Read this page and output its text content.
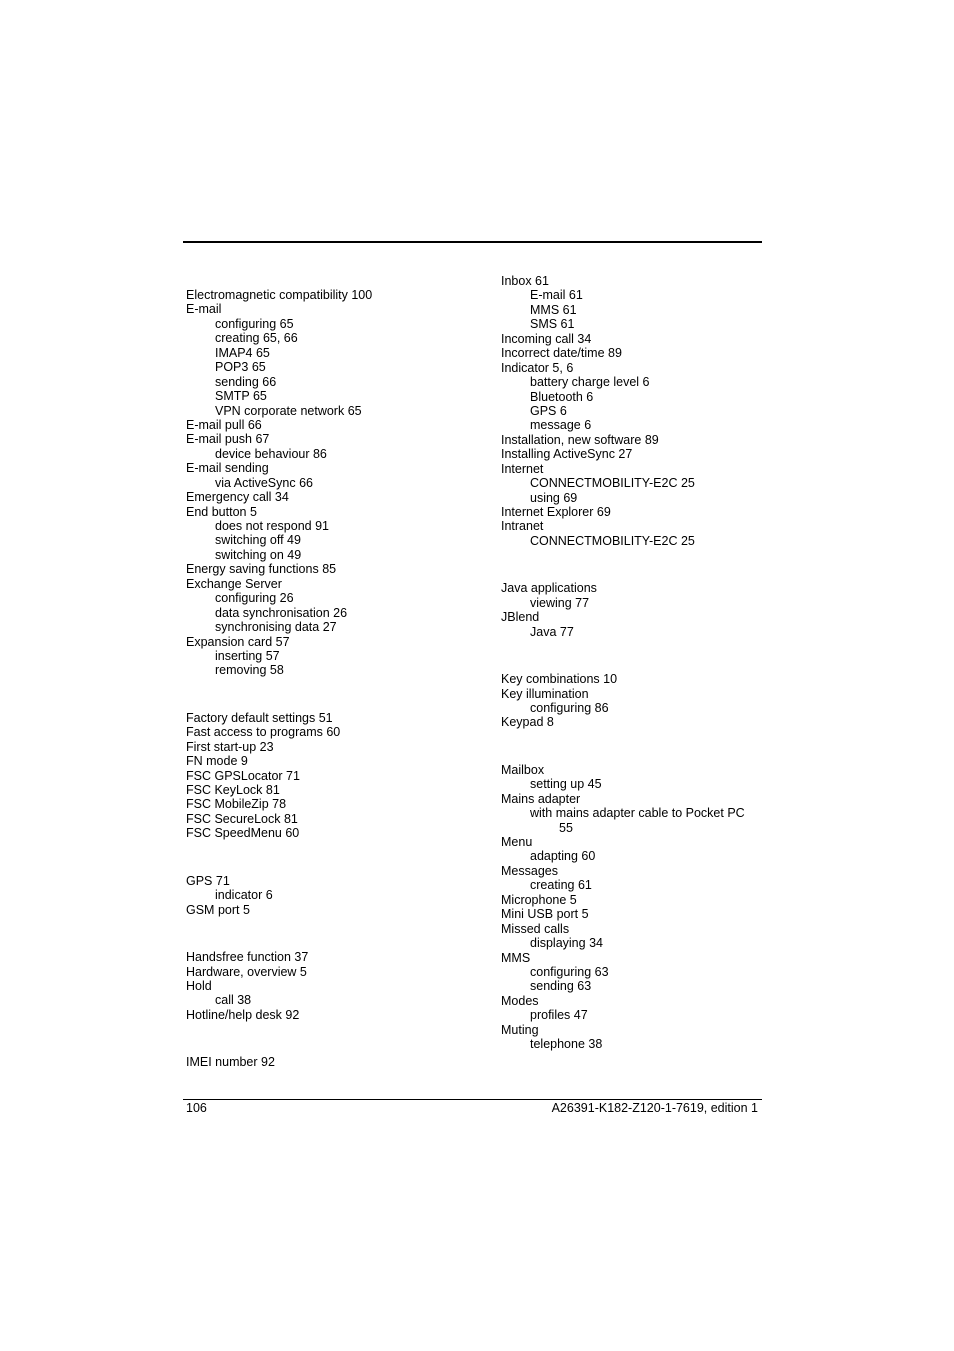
Electromagnetic compatibility 100
E-mail
configuring 65
creating 65, 66
IMAP4 65
POP3 65
sending 66
SMTP 65
VPN corporate network 65
E-mail pull 66
E-mail push 67
device behaviour 86
E-mail sending
via ActiveSync 66
Emergency call 34
End button 5
does not respond 91
switching off 49
switching on 49
Energy saving functions 85
Exchange Server
configuring 26
data synchronisation 26
synchronising data 27
Expansion card 57
inserting 57
removing 58
Factory default settings 51
Fast access to programs 60
First start-up 23
FN mode 9
FSC GPSLocator 71
FSC KeyLock 81
FSC MobileZip 78
FSC SecureLock 81
FSC SpeedMenu 60
GPS 71
indicator 6
GSM port 5
Handsfree function 37
Hardware, overview 5
Hold
call 38
Hotline/help desk 92
IMEI number 92
Inbox 61
E-mail 61
MMS 61
SMS 61
Incoming call 34
Incorrect date/time 89
Indicator 5, 6
battery charge level 6
Bluetooth 6
GPS 6
message 6
Installation, new software 89
Installing ActiveSync 27
Internet
CONNECTMOBILITY-E2C 25
using 69
Internet Explorer 69
Intranet
CONNECTMOBILITY-E2C 25
Java applications
viewing 77
JBlend
Java 77
Key combinations 10
Key illumination
configuring 86
Keypad 8
Mailbox
setting up 45
Mains adapter
with mains adapter cable to Pocket PC
55
Menu
adapting 60
Messages
creating 61
Microphone 5
Mini USB port 5
Missed calls
displaying 34
MMS
configuring 63
sending 63
Modes
profiles 47
Muting
telephone 38
106	A26391-K182-Z120-1-7619, edition 1
